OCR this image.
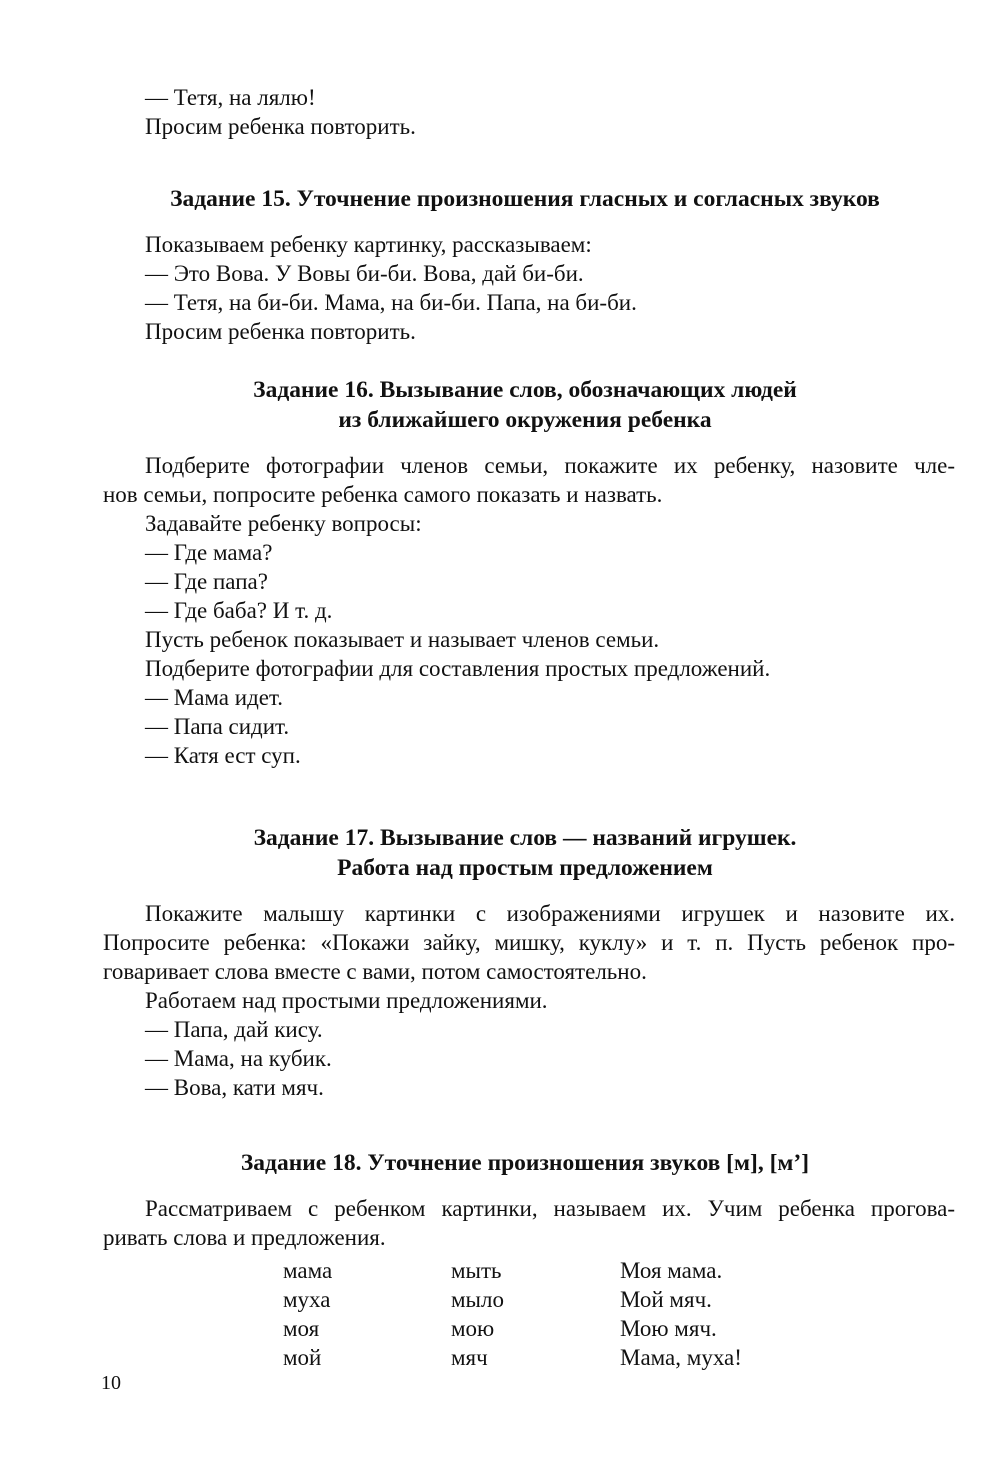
— Тетя, на лялю!
Просим ребенка повторить.
Задание 15. Уточнение произношения гласных и согласных звуков
Показываем ребенку картинку, рассказываем:
— Это Вова. У Вовы би-би. Вова, дай би-би.
— Тетя, на би-би. Мама, на би-би. Папа, на би-би.
Просим ребенка повторить.
Задание 16. Вызывание слов, обозначающих людей
из ближайшего окружения ребенка
Подберите фотографии членов семьи, покажите их ребенку, назовите чле-
нов семьи, попросите ребенка самого показать и назвать.
Задавайте ребенку вопросы:
— Где мама?
— Где папа?
— Где баба? И т. д.
Пусть ребенок показывает и называет членов семьи.
Подберите фотографии для составления простых предложений.
— Мама идет.
— Папа сидит.
— Катя ест суп.
Задание 17. Вызывание слов — названий игрушек.
Работа над простым предложением
Покажите малышу картинки с изображениями игрушек и назовите их.
Попросите ребенка: «Покажи зайку, мишку, куклу» и т. п. Пусть ребенок про-
говаривает слова вместе с вами, потом самостоятельно.
Работаем над простыми предложениями.
— Папа, дай кису.
— Мама, на кубик.
— Вова, кати мяч.
Задание 18. Уточнение произношения звуков [м], [м’]
Рассматриваем с ребенком картинки, называем их. Учим ребенка прогова-
ривать слова и предложения.
мама	мыть	Моя мама.
муха	мыло	Мой мяч.
моя	мою	Мою мяч.
мой	мяч	Мама, муха!
10
